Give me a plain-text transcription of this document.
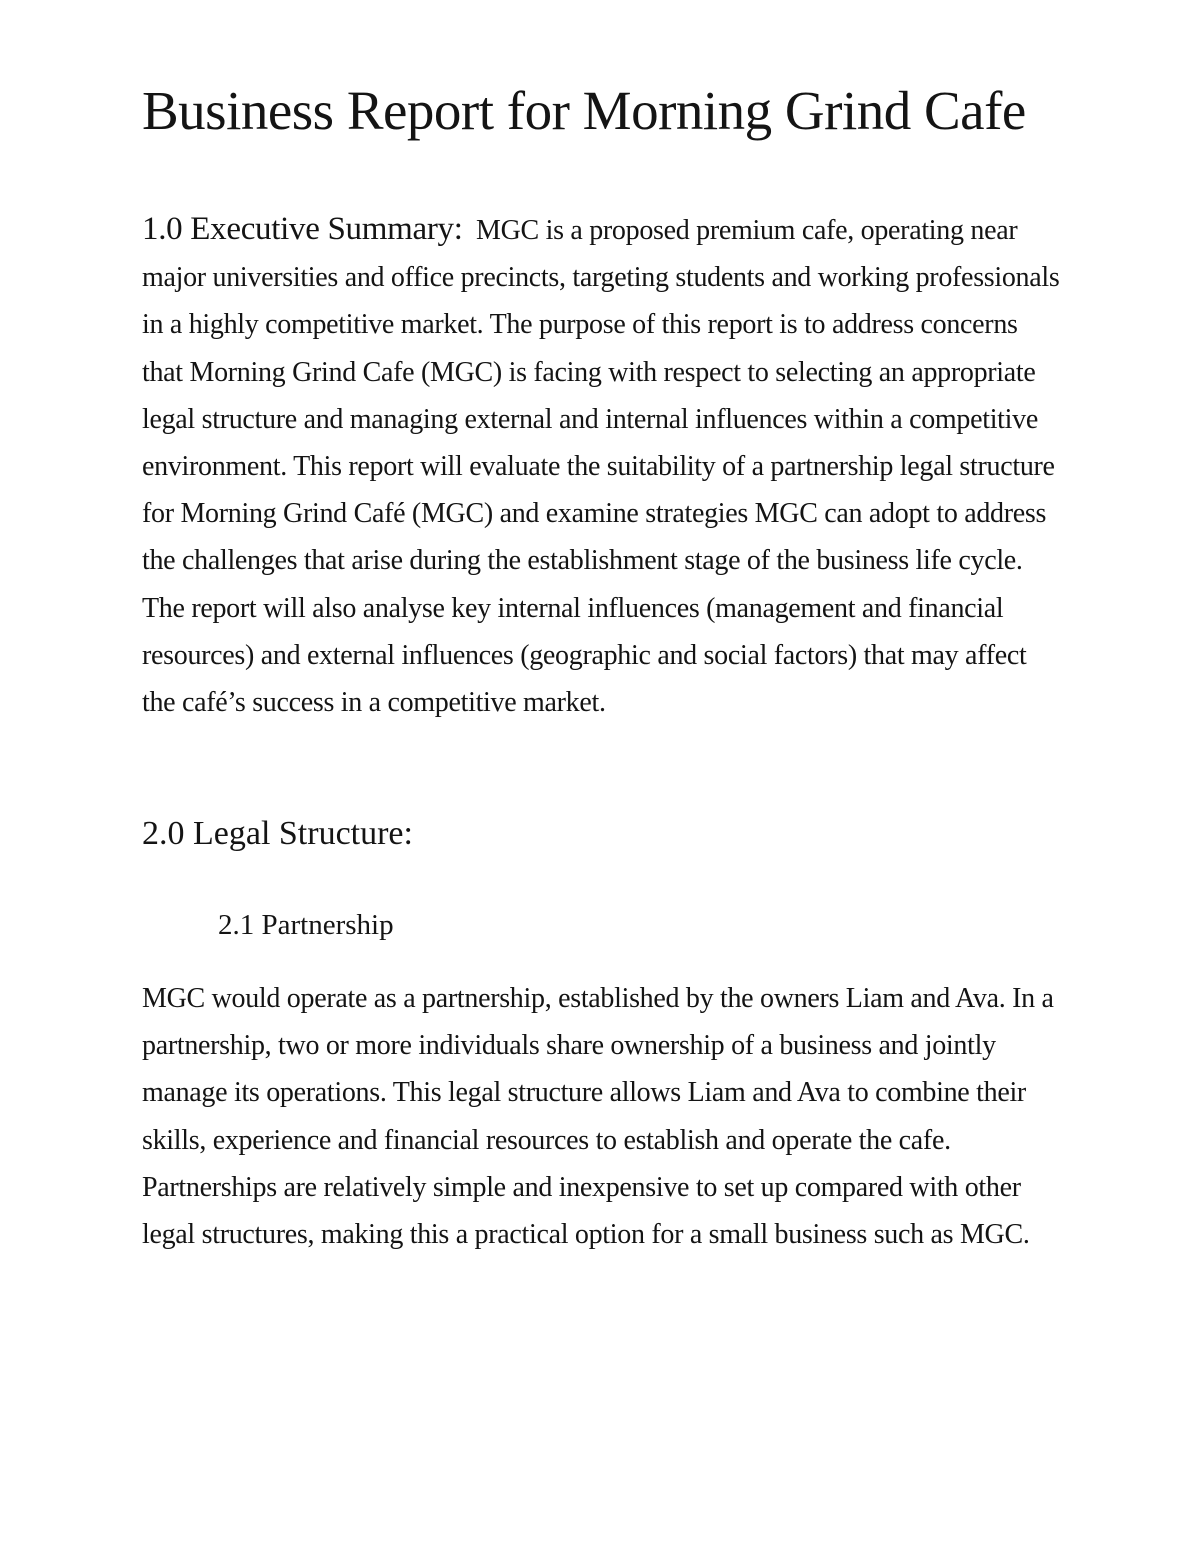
Business Report for Morning Grind Cafe

1.0 Executive Summary: MGC is a proposed premium cafe, operating near major universities and office precincts, targeting students and working professionals in a highly competitive market. The purpose of this report is to address concerns that Morning Grind Cafe (MGC) is facing with respect to selecting an appropriate legal structure and managing external and internal influences within a competitive environment. This report will evaluate the suitability of a partnership legal structure for Morning Grind Café (MGC) and examine strategies MGC can adopt to address the challenges that arise during the establishment stage of the business life cycle. The report will also analyse key internal influences (management and financial resources) and external influences (geographic and social factors) that may affect the café’s success in a competitive market.

2.0 Legal Structure:
2.1 Partnership

MGC would operate as a partnership, established by the owners Liam and Ava. In a partnership, two or more individuals share ownership of a business and jointly manage its operations. This legal structure allows Liam and Ava to combine their skills, experience and financial resources to establish and operate the cafe. Partnerships are relatively simple and inexpensive to set up compared with other legal structures, making this a practical option for a small business such as MGC.
